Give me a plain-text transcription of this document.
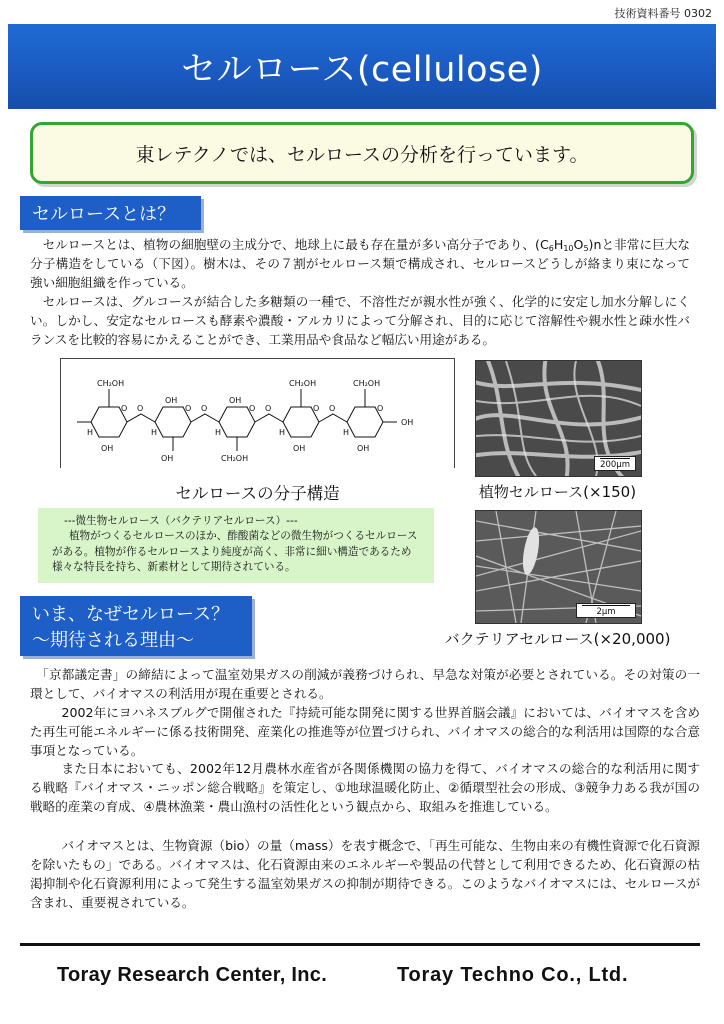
技術資料番号 0302
セルロース(cellulose)
東レテクノでは、セルロースの分析を行っています。
セルロースとは？

セルロースとは、植物の細胞壁の主成分で、地球上に最も存在量が多い高分子であり、$(C_6H_{10}O_5)n$と非常に巨大な分子構造をしている（下図）。樹木は、その７割がセルロース類で構成され、セルロースどうしが絡まり束になって強い細胞組織を作っている。

セルロースは、グルコースが結合した多糖類の一種で、不溶性だが親水性が強く、化学的に安定し加水分解しにくい。しかし、安定なセルロースも酵素や濃酸・アルカリによって分解され、目的に応じて溶解性や親水性と疎水性バランスを比較的容易にかえることができ、工業用品や食品など幅広い用途がある。

CH₂OH	CH₂OH	CH₂OH
CH₂OH
OH
O	O	O	O	O
O	O	O	O
OH
OH
OH	OH
OH
H	H	H	H	H
OH
セルロースの分子構造
---微生物セルロース（バクテリアセルロース）---
植物がつくるセルロースのほか、酢酸菌などの微生物がつくるセルロースがある。植物が作るセルロースより純度が高く、非常に細い構造であるため様々な特長を持ち、新素材として期待されている。
200μm
植物セルロース(×150)
2μm
バクテリアセルロース(×20,000)
いま、なぜセルロース？
～期待される理由～

「京都議定書」の締結によって温室効果ガスの削減が義務づけられ、早急な対策が必要とされている。その対策の一環として、バイオマスの利活用が現在重要とされる。

2002年にヨハネスブルグで開催された『持続可能な開発に関する世界首脳会議』においては、バイオマスを含めた再生可能エネルギーに係る技術開発、産業化の推進等が位置づけられ、バイオマスの総合的な利活用は国際的な合意事項となっている。

また日本においても、2002年12月農林水産省が各関係機関の協力を得て、バイオマスの総合的な利活用に関する戦略『バイオマス・ニッポン総合戦略』を策定し、①地球温暖化防止、②循環型社会の形成、③競争力ある我が国の戦略的産業の育成、④農林漁業・農山漁村の活性化という観点から、取組みを推進している。

バイオマスとは、生物資源（bio）の量（mass）を表す概念で、「再生可能な、生物由来の有機性資源で化石資源を除いたもの」である。バイオマスは、化石資源由来のエネルギーや製品の代替として利用できるため、化石資源の枯渇抑制や化石資源利用によって発生する温室効果ガスの抑制が期待できる。このようなバイオマスには、セルロースが含まれ、重要視されている。

Toray Research Center, Inc.	Toray Techno Co., Ltd.
